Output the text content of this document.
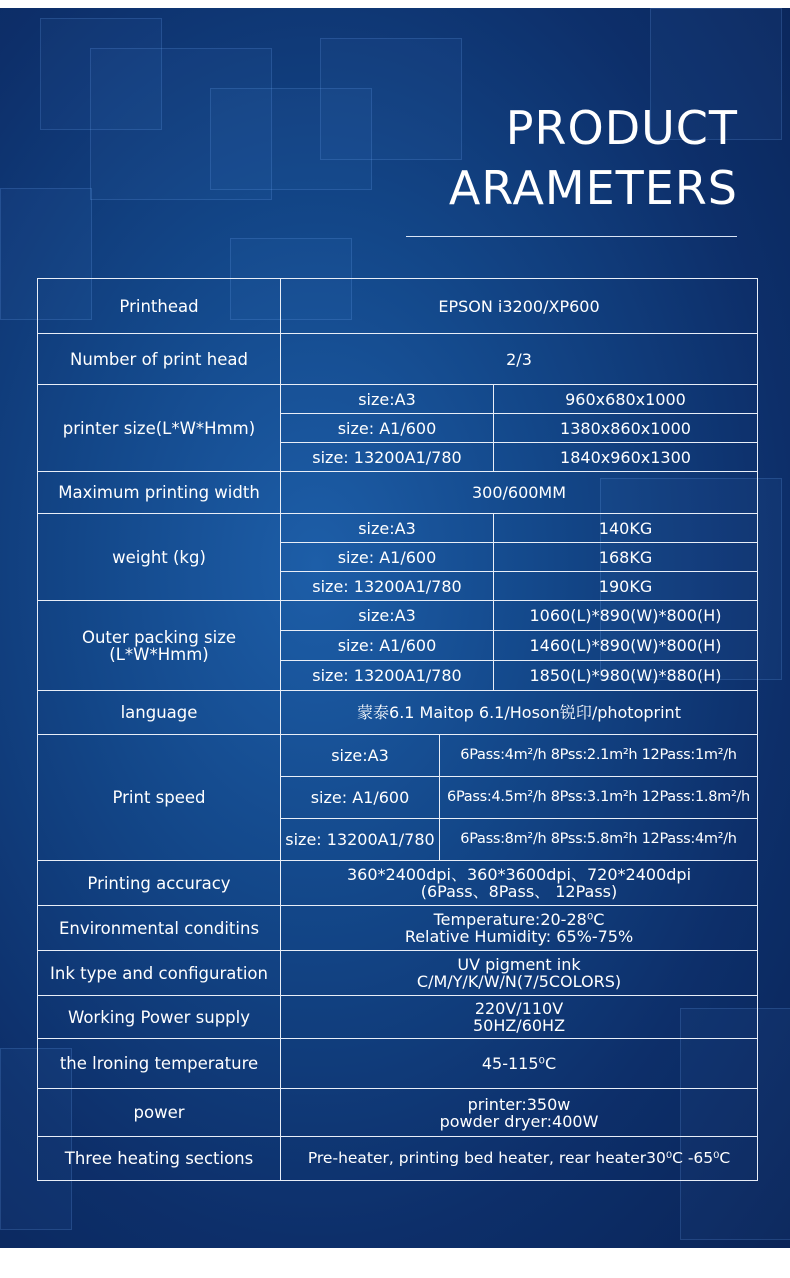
PRODUCT
ARAMETERS
Printhead	EPSON i3200/XP600		
Number of print head	2/3		
printer size(L*W*Hmm)	size:A3		960x680x1000
	size: A1/600		1380x860x1000
	size: 13200A1/780		1840x960x1300
Maximum printing width	300/600MM		
weight (kg)	size:A3		140KG
	size: A1/600		168KG
	size: 13200A1/780		190KG

Outer packing size
(L*W*Hmm)	size:A3		1060(L)*890(W)*800(H)
	size: A1/600		1460(L)*890(W)*800(H)
	size: 13200A1/780		1850(L)*980(W)*880(H)
language	蒙泰6.1 Maitop 6.1/Hoson锐印/photoprint		
Print speed	size:A3	6Pass:4m²/h 8Pss:2.1m²h 12Pass:1m²/h	
	size: A1/600	6Pass:4.5m²/h 8Pss:3.1m²h 12Pass:1.8m²/h	
	size: 13200A1/780	6Pass:8m²/h 8Pss:5.8m²h 12Pass:4m²/h	
Printing accuracy	360*2400dpi、360*3600dpi、720*2400dpi
(6Pass、8Pass、 12Pass)		

Environmental conditins	Temperature:20-28⁰C
Relative Humidity: 65%-75%		

Ink type and configuration	UV pigment ink
C/M/Y/K/W/N(7/5COLORS)		

Working Power supply	220V/110V
50HZ/60HZ		

the lroning temperature	45-115⁰C		
power	printer:350w
powder dryer:400W		

Three heating sections	Pre-heater, printing bed heater, rear heater30⁰C -65⁰C		
